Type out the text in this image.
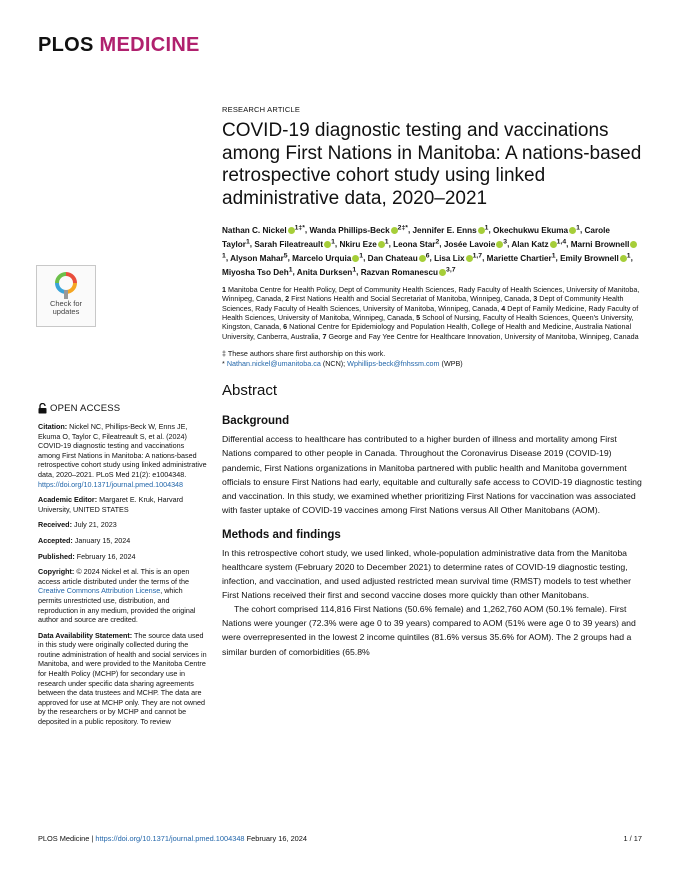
PLOS MEDICINE
Check for
updates
OPEN ACCESS
Citation: Nickel NC, Phillips-Beck W, Enns JE, Ekuma O, Taylor C, Fileatreault S, et al. (2024) COVID-19 diagnostic testing and vaccinations among First Nations in Manitoba: A nations-based retrospective cohort study using linked administrative data, 2020–2021. PLoS Med 21(2): e1004348. https://doi.org/10.1371/journal.pmed.1004348
Academic Editor: Margaret E. Kruk, Harvard University, UNITED STATES
Received: July 21, 2023
Accepted: January 15, 2024
Published: February 16, 2024
Copyright: © 2024 Nickel et al. This is an open access article distributed under the terms of the Creative Commons Attribution License, which permits unrestricted use, distribution, and reproduction in any medium, provided the original author and source are credited.
Data Availability Statement: The source data used in this study were originally collected during the routine administration of health and social services in Manitoba, and were provided to the Manitoba Centre for Health Policy (MCHP) for secondary use in research under specific data sharing agreements between the data trustees and MCHP. The data are approved for use at MCHP only. They are not owned by the researchers or by MCHP and cannot be deposited in a public repository. To review
RESEARCH ARTICLE
COVID-19 diagnostic testing and vaccinations among First Nations in Manitoba: A nations-based retrospective cohort study using linked administrative data, 2020–2021
Nathan C. Nickel $^{1\ddagger*}$, Wanda Phillips-Beck $^{2\ddagger*}$, Jennifer E. Enns $^1$, Okechukwu Ekuma $^1$, Carole Taylor$^1$, Sarah Fileatreault $^1$, Nkiru Eze $^1$, Leona Star$^2$, Josée Lavoie $^3$, Alan Katz $^{1,4}$, Marni Brownell$^1$, Alyson Mahar$^5$, Marcelo Urquia $^1$, Dan Chateau $^6$, Lisa Lix $^{1,7}$, Mariette Chartier$^1$, Emily Brownell $^1$, Miyosha Tso Deh$^1$, Anita Durksen$^1$, Razvan Romanescu $^{3,7}$
1 Manitoba Centre for Health Policy, Dept of Community Health Sciences, Rady Faculty of Health Sciences, University of Manitoba, Winnipeg, Canada, 2 First Nations Health and Social Secretariat of Manitoba, Winnipeg, Canada, 3 Dept of Community Health Sciences, Rady Faculty of Health Sciences, University of Manitoba, Winnipeg, Canada, 4 Dept of Family Medicine, Rady Faculty of Health Sciences, University of Manitoba, Winnipeg, Canada, 5 School of Nursing, Faculty of Health Sciences, Queen's University, Kingston, Canada, 6 National Centre for Epidemiology and Population Health, College of Health and Medicine, Australia National University, Canberra, Australia, 7 George and Fay Yee Centre for Healthcare Innovation, University of Manitoba, Winnipeg, Canada
‡ These authors share first authorship on this work.
* Nathan.nickel@umanitoba.ca (NCN); Wphillips-beck@fnhssm.com (WPB)
Abstract
Background

Differential access to healthcare has contributed to a higher burden of illness and mortality among First Nations compared to other people in Canada. Throughout the Coronavirus Disease 2019 (COVID-19) pandemic, First Nations organizations in Manitoba partnered with public health and Manitoba government officials to ensure First Nations had early, equitable and culturally safe access to COVID-19 diagnostic testing and vaccination. In this study, we examined whether prioritizing First Nations for vaccination was associated with faster uptake of COVID-19 vaccines among First Nations versus All Other Manitobans (AOM).

Methods and findings

In this retrospective cohort study, we used linked, whole-population administrative data from the Manitoba healthcare system (February 2020 to December 2021) to determine rates of COVID-19 diagnostic testing, infection, and vaccination, and used adjusted restricted mean survival time (RMST) models to test whether First Nations received their first and second vaccine doses more quickly than other Manitobans.

The cohort comprised 114,816 First Nations (50.6% female) and 1,262,760 AOM (50.1% female). First Nations were younger (72.3% were age 0 to 39 years) compared to AOM (51% were age 0 to 39 years) and were overrepresented in the lowest 2 income quintiles (81.6% versus 35.6% for AOM). The 2 groups had a similar burden of comorbidities (65.8%

PLOS Medicine | https://doi.org/10.1371/journal.pmed.1004348 February 16, 2024	1 / 17
